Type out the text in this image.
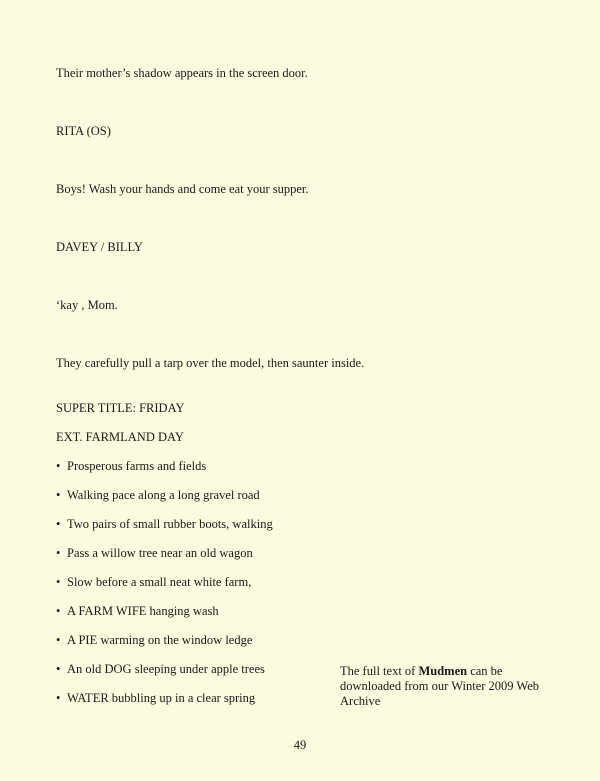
Their mother’s shadow appears in the screen door.
RITA (OS)
Boys! Wash your hands and come eat your supper.
DAVEY / BILLY
‘kay , Mom.
They carefully pull a tarp over the model, then saunter inside.
SUPER TITLE: FRIDAY
EXT. FARMLAND DAY
• Prosperous farms and fields
• Walking pace along a long gravel road
• Two pairs of small rubber boots, walking
• Pass a willow tree near an old wagon
• Slow before a small neat white farm,
• A FARM WIFE hanging wash
• A PIE warming on the window ledge
• An old DOG sleeping under apple trees
• WATER bubbling up in a clear spring
The full text of Mudmen can be downloaded from our Winter 2009 Web Archive
49
